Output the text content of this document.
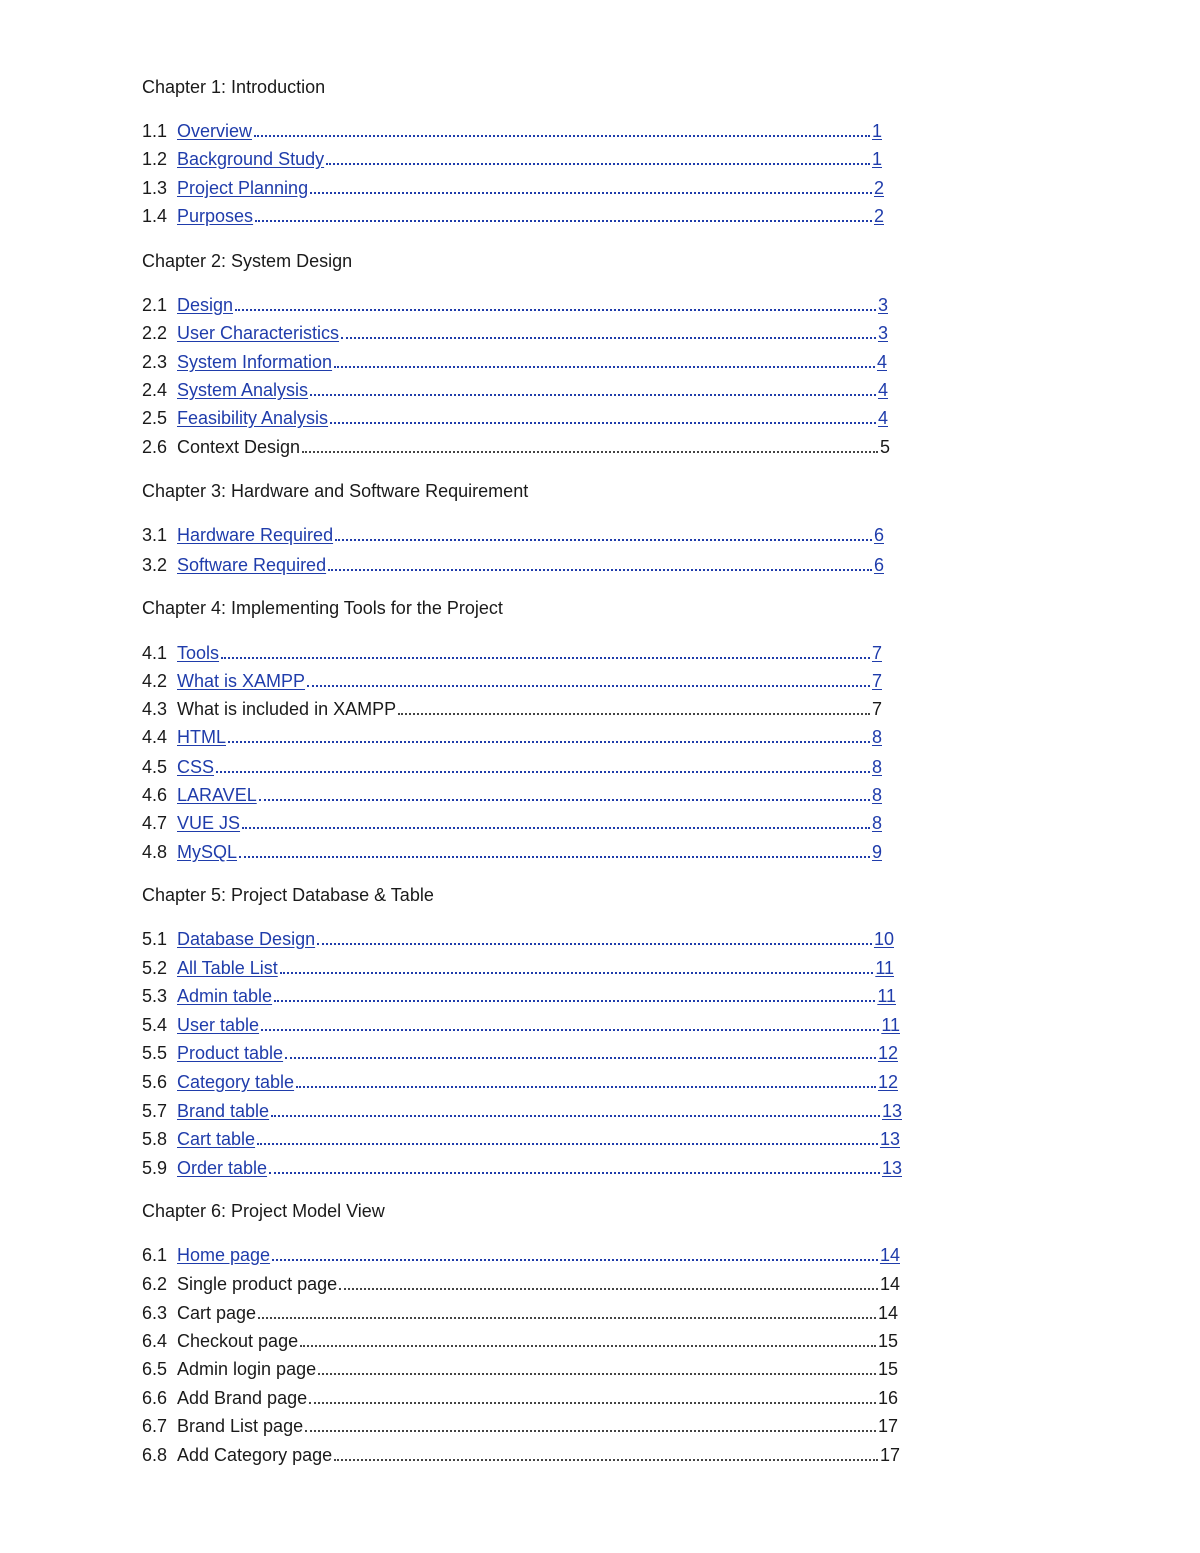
Chapter 1: Introduction
1.1 Overview	1
1.2 Background Study	1
1.3 Project Planning	2
1.4 Purposes	2
Chapter 2: System Design
2.1 Design	3
2.2 User Characteristics	3
2.3 System Information	4
2.4 System Analysis	4
2.5 Feasibility Analysis	4
2.6 Context Design	5
Chapter 3: Hardware and Software Requirement
3.1 Hardware Required	6
3.2 Software Required	6
Chapter 4: Implementing Tools for the Project
4.1 Tools	7
4.2 What is XAMPP	7
4.3 What is included in XAMPP	7
4.4 HTML	8
4.5 CSS	8
4.6 LARAVEL	8
4.7 VUE JS	8
4.8 MySQL	9
Chapter 5: Project Database & Table
5.1 Database Design	10
5.2 All Table List	11
5.3 Admin table	11
5.4 User table	11
5.5 Product table	12
5.6 Category table	12
5.7 Brand table	13
5.8 Cart table	13
5.9 Order table	13
Chapter 6: Project Model View
6.1 Home page	14
6.2 Single product page	14
6.3 Cart page	14
6.4 Checkout page	15
6.5 Admin login page	15
6.6 Add Brand page	16
6.7 Brand List page	17
6.8 Add Category page	17
